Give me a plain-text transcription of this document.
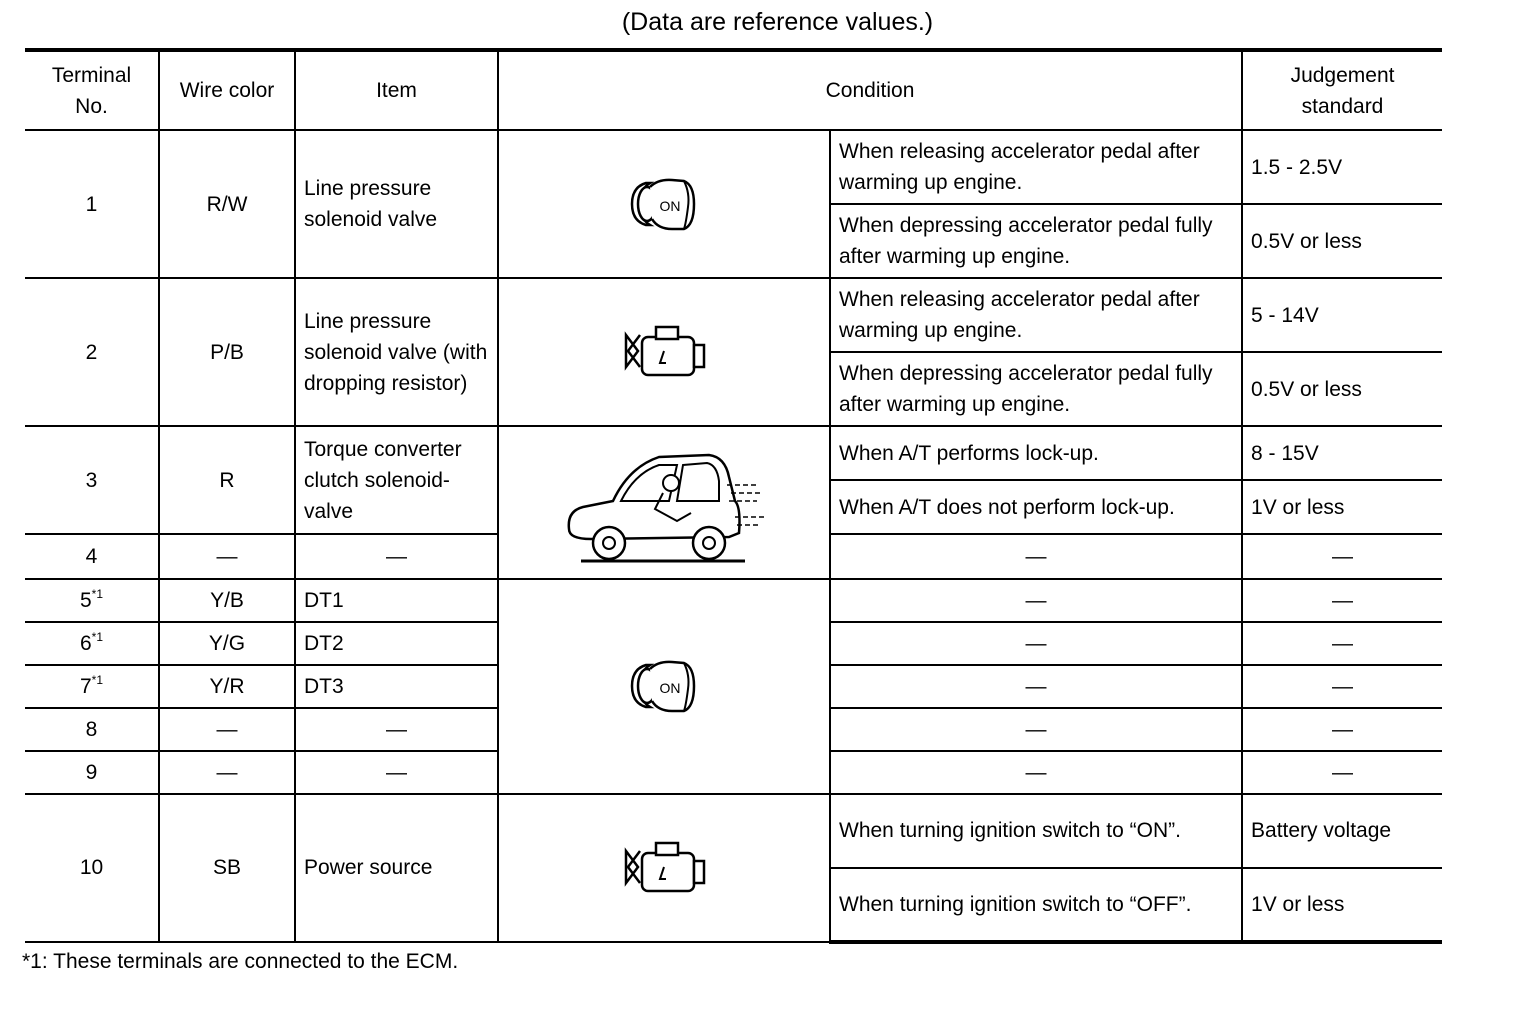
(Data are reference values.)
Terminal No.	Wire color	Item	Condition		Judgement standard
1	R/W	Line pressure solenoid valve	ON	When releasing accelerator pedal after warming up engine.	1.5 - 2.5V
				When depressing accelerator pedal fully after warming up engine.	0.5V or less
2	P/B	Line pressure solenoid valve (with dropping resistor)		When releasing accelerator pedal after warming up engine.	5 - 14V
				When depressing accelerator pedal fully after warming up engine.	0.5V or less
3	R	Torque converter clutch solenoid-valve		When A/T performs lock-up.	8 - 15V
				When A/T does not perform lock-up.	1V or less
4	—	—		—	—
5$^{*1}$	Y/B	DT1	ON	—	—
6$^{*1}$	Y/G	DT2		—	—
7$^{*1}$	Y/R	DT3		—	—
8	—	—		—	—
9	—	—		—	—
10	SB	Power source		When turning ignition switch to “ON”.	Battery voltage
				When turning ignition switch to “OFF”.	1V or less
*1: These terminals are connected to the ECM.
